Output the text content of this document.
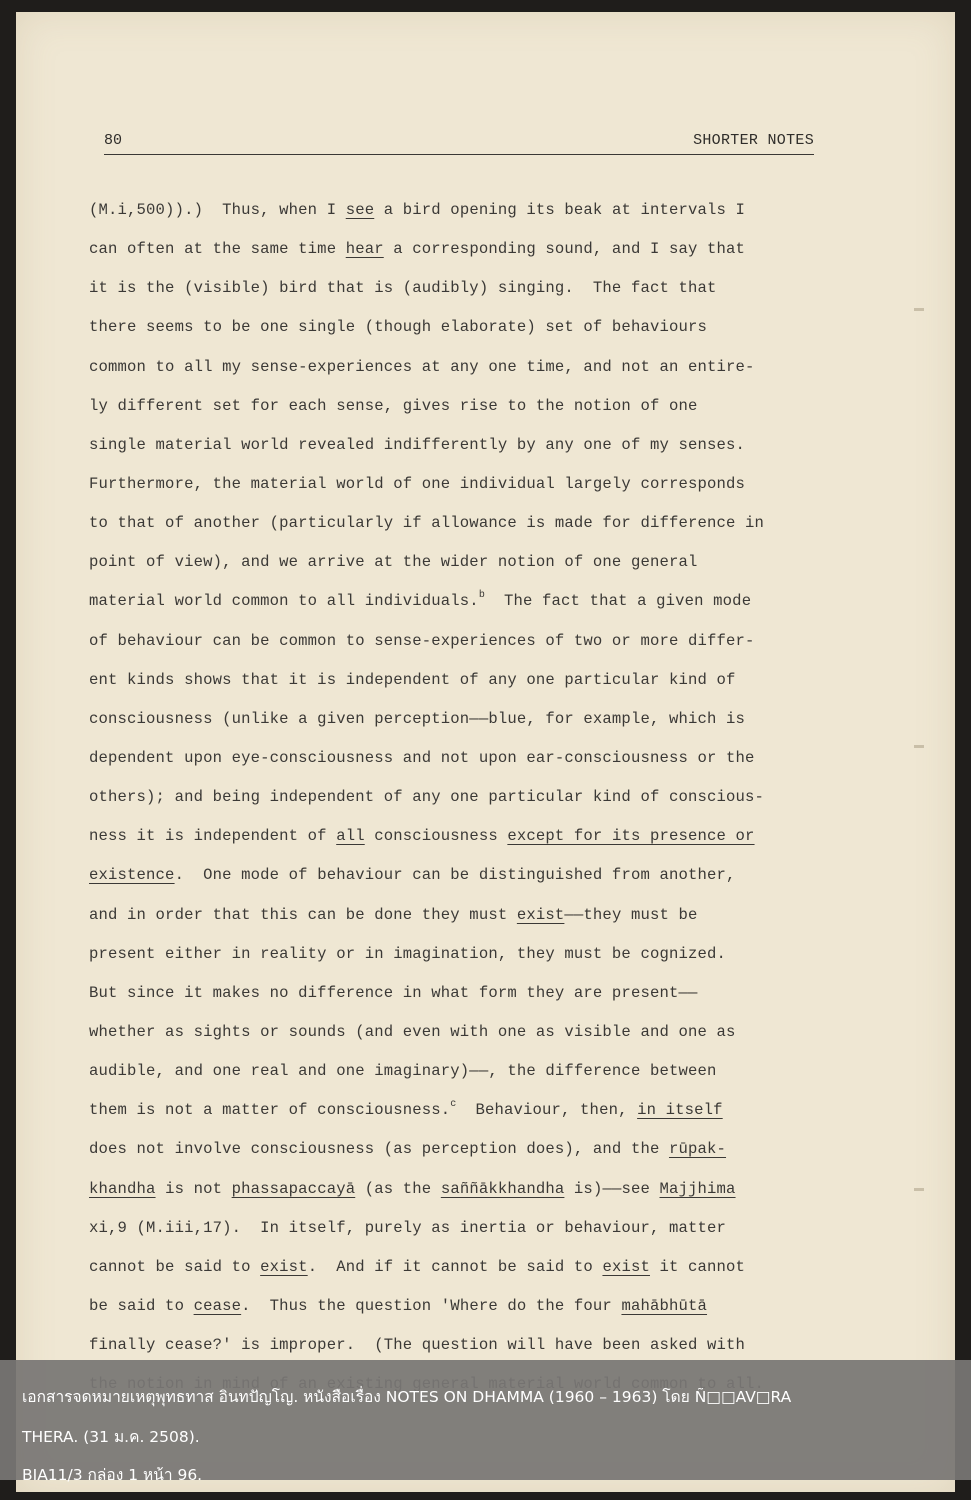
80	SHORTER NOTES
(M.i,500)).)  Thus, when I see a bird opening its beak at intervals I
can often at the same time hear a corresponding sound, and I say that
it is the (visible) bird that is (audibly) singing.  The fact that
there seems to be one single (though elaborate) set of behaviours
common to all my sense-experiences at any one time, and not an entire-
ly different set for each sense, gives rise to the notion of one
single material world revealed indifferently by any one of my senses.
Furthermore, the material world of one individual largely corresponds
to that of another (particularly if allowance is made for difference in
point of view), and we arrive at the wider notion of one general
material world common to all individuals.$^b$  The fact that a given mode
of behaviour can be common to sense-experiences of two or more differ-
ent kinds shows that it is independent of any one particular kind of
consciousness (unlike a given perception——blue, for example, which is
dependent upon eye-consciousness and not upon ear-consciousness or the
others); and being independent of any one particular kind of conscious-
ness it is independent of all consciousness except for its presence or
existence.  One mode of behaviour can be distinguished from another,
and in order that this can be done they must exist——they must be
present either in reality or in imagination, they must be cognized.
But since it makes no difference in what form they are present——
whether as sights or sounds (and even with one as visible and one as
audible, and one real and one imaginary)——, the difference between
them is not a matter of consciousness.$^c$  Behaviour, then, in itself
does not involve consciousness (as perception does), and the rūpak-
khandha is not phassapaccayā (as the saññākkhandha is)——see Majjhima
xi,9 (M.iii,17).  In itself, purely as inertia or behaviour, matter
cannot be said to exist.  And if it cannot be said to exist it cannot
be said to cease.  Thus the question 'Where do the four mahābhūtā
finally cease?' is improper.  (The question will have been asked with
เอกสารจดหมายเหตุพุทธทาส อินทปัญโญ. หนังสือเรื่อง NOTES ON DHAMMA (1960 – 1963) โดย Ñ□□AV□RA
THERA. (31 ม.ค. 2508).
BIA11/3 กล่อง 1 หน้า 96.
